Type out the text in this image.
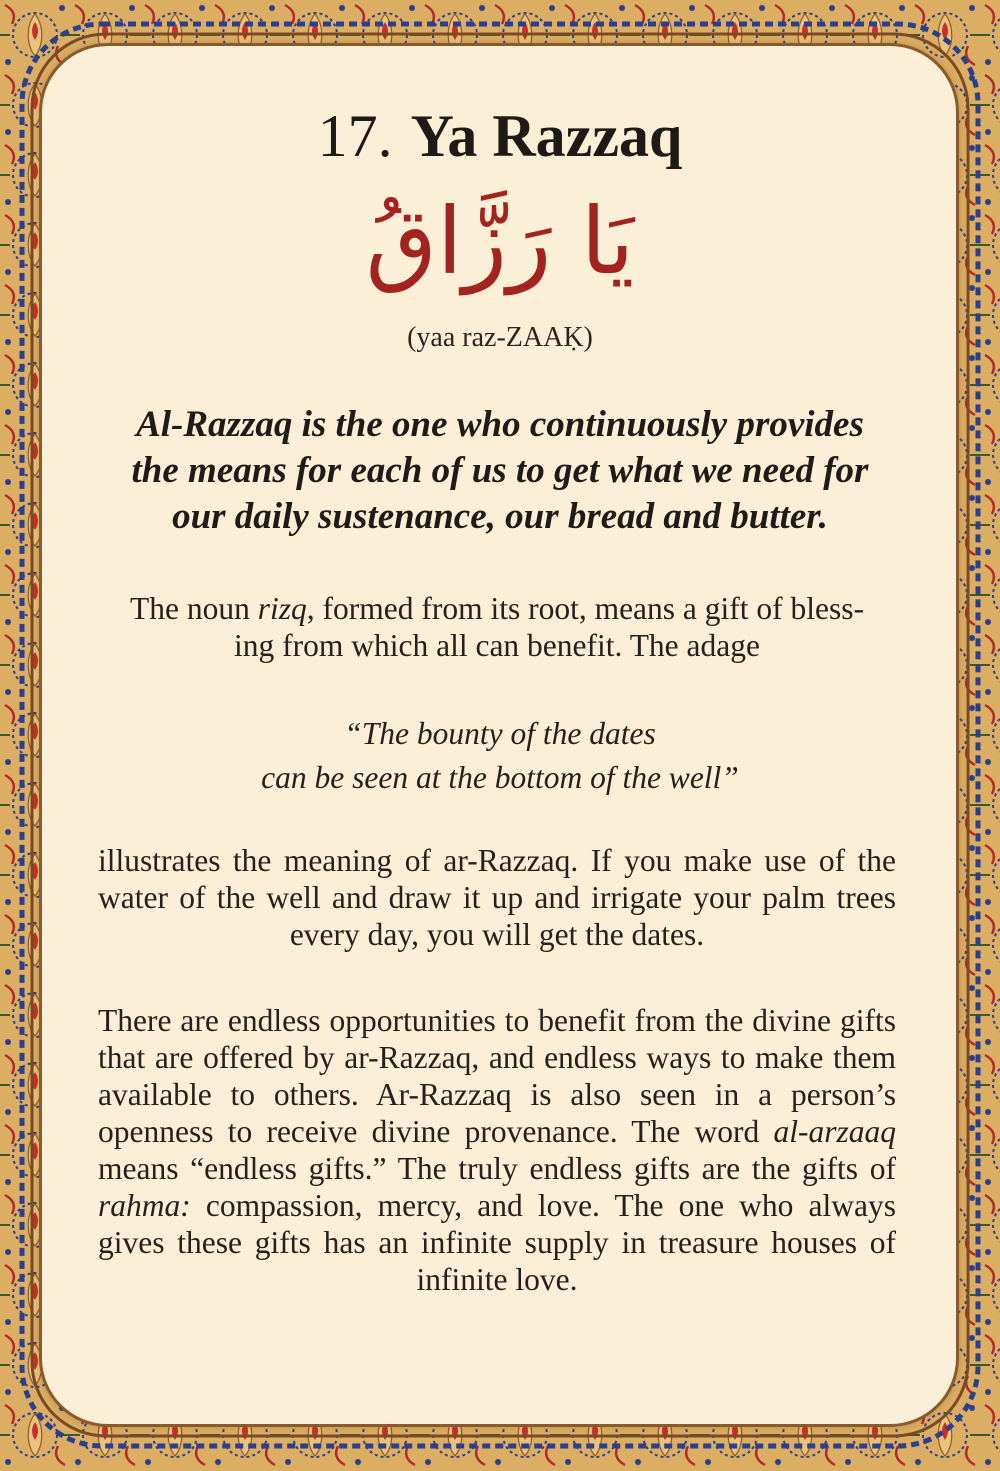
17. Ya Razzaq
يَا رَزَّاقُ
(yaa raz-ZAAḲ)

Al-Razzaq is the one who continuously provides
the means for each of us to get what we need for
our daily sustenance, our bread and butter.

The noun rizq, formed from its root, means a gift of bless-
ing from which all can benefit. The adage

“The bounty of the dates
can be seen at the bottom of the well”

illustrates the meaning of ar-Razzaq. If you make use of the water of the well and draw it up and irrigate your palm trees every day, you will get the dates.

There are endless opportunities to benefit from the divine gifts that are offered by ar-Razzaq, and endless ways to make them available to others. Ar-Razzaq is also seen in a person’s openness to receive divine provenance. The word al-arzaaq means “endless gifts.” The truly endless gifts are the gifts of rahma: compassion, mercy, and love. The one who always gives these gifts has an infinite supply in treasure houses of infinite love.
